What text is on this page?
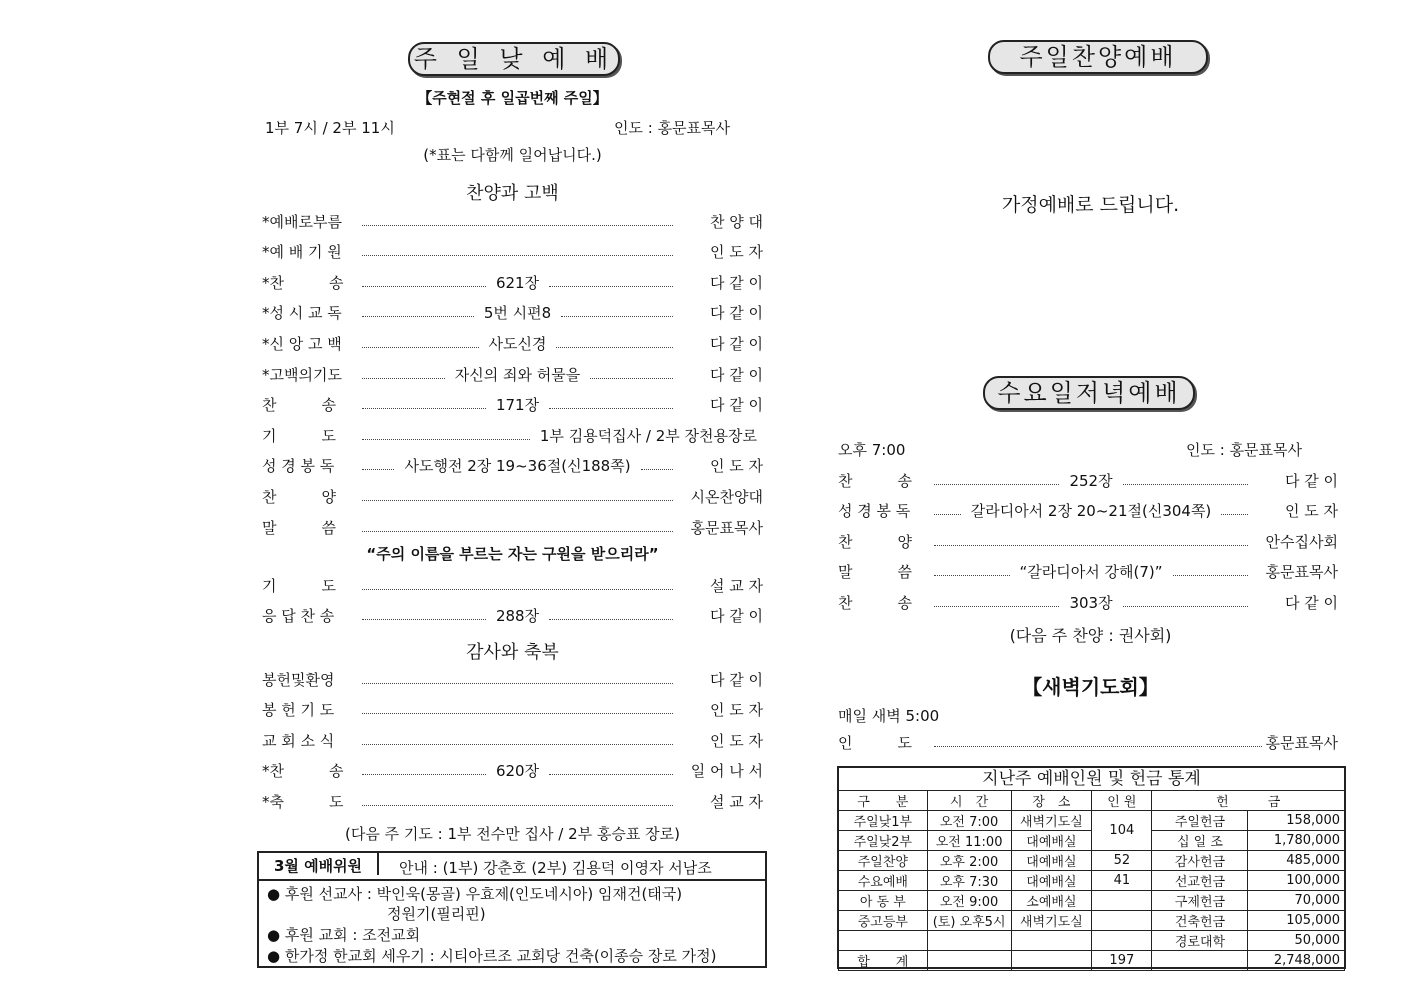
주 일 낮 예 배
【주현절 후 일곱번째 주일】
1부 7시 / 2부 11시	인도 : 홍문표목사
(*표는 다함께 일어납니다.)
찬양과 고백
*예배로부름	찬 양 대
*예 배 기 원	인 도 자
*찬　　　송	621장	다 같 이
*성 시 교 독	5번 시편8	다 같 이
*신 앙 고 백	사도신경	다 같 이
*고백의기도	자신의 죄와 허물을	다 같 이
찬　　　송	171장	다 같 이
기　　　도	1부 김용덕집사 / 2부 장천용장로
성 경 봉 독	사도행전 2장 19~36절(신188쪽)	인 도 자
찬　　　양	시온찬양대
말　　　씀	홍문표목사
“주의 이름을 부르는 자는 구원을 받으리라”
기　　　도	설 교 자
응 답 찬 송	288장	다 같 이
감사와 축복
봉헌및환영	다 같 이
봉 헌 기 도	인 도 자
교 회 소 식	인 도 자
*찬　　　송	620장	일 어 나 서
*축　　　도	설 교 자
(다음 주 기도 : 1부 전수만 집사 / 2부 홍승표 장로)
3월 예배위원	안내 : (1부) 강춘호 (2부) 김용덕 이영자 서남조
● 후원 선교사 : 박인욱(몽골) 우효제(인도네시아) 임재건(태국)
정원기(필리핀)
● 후원 교회 : 조전교회
● 한가정 한교회 세우기 : 시티아르조 교회당 건축(이종승 장로 가정)
주일찬양예배
가정예배로 드립니다.
수요일저녁예배
오후 7:00	인도 : 홍문표목사
찬　　　송	252장	다 같 이
성 경 봉 독	갈라디아서 2장 20~21절(신304쪽)	인 도 자
찬　　　양	안수집사회
말　　　씀	“갈라디아서 강해(7)”	홍문표목사
찬　　　송	303장	다 같 이
(다음 주 찬양 : 권사회)
【새벽기도회】
매일 새벽 5:00
인　　　도	홍문표목사
지난주 예배인원 및 헌금 통계
구　　분	시　간	장　소	인 원	헌　　　금	
주일낮1부	오전 7:00	새벽기도실	104	주일헌금	158,000
주일낮2부	오전 11:00	대예배실		십 일 조	1,780,000
주일찬양	오후 2:00	대예배실	52	감사헌금	485,000
수요예배	오후 7:30	대예배실	41	선교헌금	100,000
아 동 부	오전 9:00	소예배실		구제헌금	70,000
중고등부	(토) 오후5시	새벽기도실		건축헌금	105,000
				경로대학	50,000
합　　계			197		2,748,000
